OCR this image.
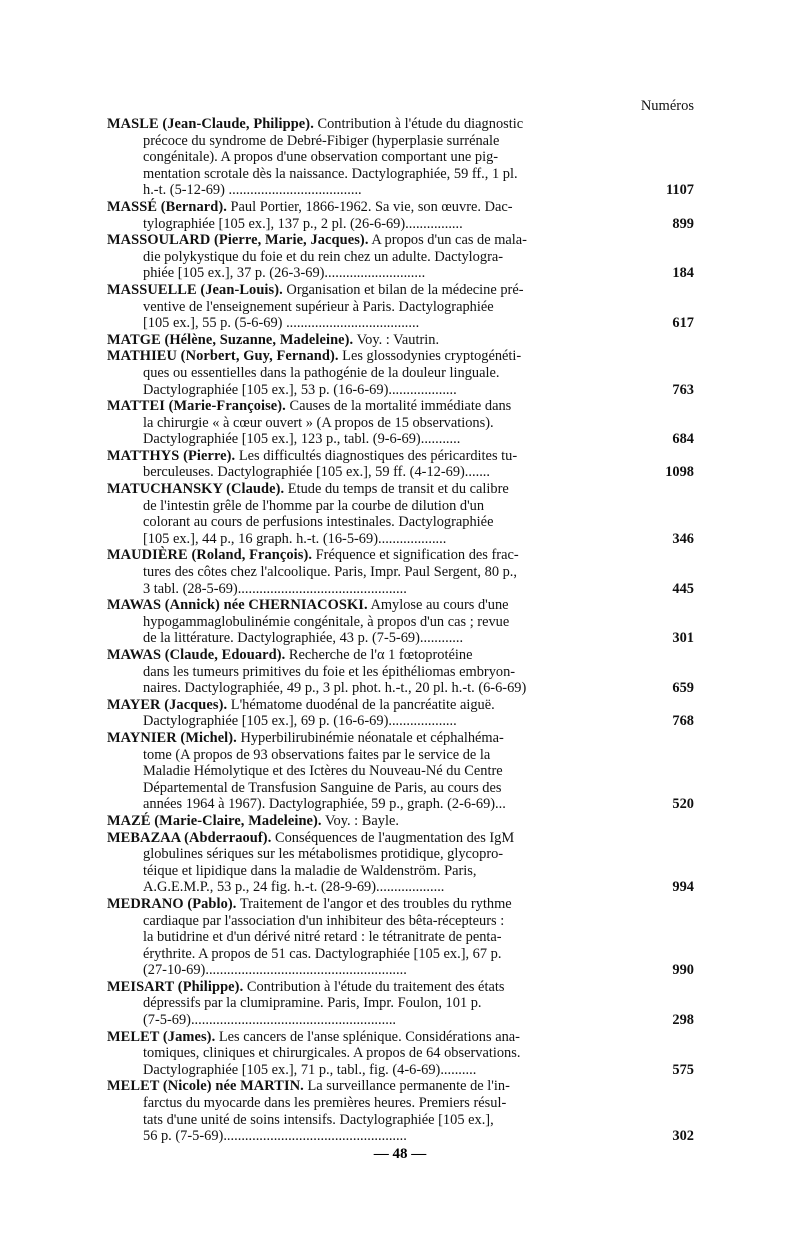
Numéros
MASLE (Jean-Claude, Philippe). Contribution à l'étude du diagnostic
précoce du syndrome de Debré-Fibiger (hyperplasie surrénale
congénitale). A propos d'une observation comportant une pig-
mentation scrotale dès la naissance. Dactylographiée, 59 ff., 1 pl.
h.-t. (5-12-69) .....................................	1107
MASSÉ (Bernard). Paul Portier, 1866-1962. Sa vie, son œuvre. Dac-
tylographiée [105 ex.], 137 p., 2 pl. (26-6-69)................	899
MASSOULARD (Pierre, Marie, Jacques). A propos d'un cas de mala-
die polykystique du foie et du rein chez un adulte. Dactylogra-
phiée [105 ex.], 37 p. (26-3-69)............................	184
MASSUELLE (Jean-Louis). Organisation et bilan de la médecine pré-
ventive de l'enseignement supérieur à Paris. Dactylographiée
[105 ex.], 55 p. (5-6-69) .....................................	617
MATGE (Hélène, Suzanne, Madeleine). Voy. : Vautrin.
MATHIEU (Norbert, Guy, Fernand). Les glossodynies cryptogénéti-
ques ou essentielles dans la pathogénie de la douleur linguale.
Dactylographiée [105 ex.], 53 p. (16-6-69)...................	763
MATTEI (Marie-Françoise). Causes de la mortalité immédiate dans
la chirurgie « à cœur ouvert » (A propos de 15 observations).
Dactylographiée [105 ex.], 123 p., tabl. (9-6-69)...........	684
MATTHYS (Pierre). Les difficultés diagnostiques des péricardites tu-
berculeuses. Dactylographiée [105 ex.], 59 ff. (4-12-69).......	1098
MATUCHANSKY (Claude). Etude du temps de transit et du calibre
de l'intestin grêle de l'homme par la courbe de dilution d'un
colorant au cours de perfusions intestinales. Dactylographiée
[105 ex.], 44 p., 16 graph. h.-t. (16-5-69)...................	346
MAUDIÈRE (Roland, François). Fréquence et signification des frac-
tures des côtes chez l'alcoolique. Paris, Impr. Paul Sergent, 80 p.,
3 tabl. (28-5-69)...............................................	445
MAWAS (Annick) née CHERNIACOSKI. Amylose au cours d'une
hypogammaglobulinémie congénitale, à propos d'un cas ; revue
de la littérature. Dactylographiée, 43 p. (7-5-69)............	301
MAWAS (Claude, Edouard). Recherche de l'α 1 fœtoprotéine
dans les tumeurs primitives du foie et les épithéliomas embryon-
naires. Dactylographiée, 49 p., 3 pl. phot. h.-t., 20 pl. h.-t. (6-6-69)	659
MAYER (Jacques). L'hématome duodénal de la pancréatite aiguë.
Dactylographiée [105 ex.], 69 p. (16-6-69)...................	768
MAYNIER (Michel). Hyperbilirubinémie néonatale et céphalhéma-
tome (A propos de 93 observations faites par le service de la
Maladie Hémolytique et des Ictères du Nouveau-Né du Centre
Départemental de Transfusion Sanguine de Paris, au cours des
années 1964 à 1967). Dactylographiée, 59 p., graph. (2-6-69)...	520
MAZÉ (Marie-Claire, Madeleine). Voy. : Bayle.
MEBAZAA (Abderraouf). Conséquences de l'augmentation des IgM
globulines sériques sur les métabolismes protidique, glycopro-
téique et lipidique dans la maladie de Waldenström. Paris,
A.G.E.M.P., 53 p., 24 fig. h.-t. (28-9-69)...................	994
MEDRANO (Pablo). Traitement de l'angor et des troubles du rythme
cardiaque par l'association d'un inhibiteur des bêta-récepteurs :
la butidrine et d'un dérivé nitré retard : le tétranitrate de penta-
érythrite. A propos de 51 cas. Dactylographiée [105 ex.], 67 p.
(27-10-69)........................................................	990
MEISART (Philippe). Contribution à l'étude du traitement des états
dépressifs par la clumipramine. Paris, Impr. Foulon, 101 p.
(7-5-69).........................................................	298
MELET (James). Les cancers de l'anse splénique. Considérations ana-
tomiques, cliniques et chirurgicales. A propos de 64 observations.
Dactylographiée [105 ex.], 71 p., tabl., fig. (4-6-69)..........	575
MELET (Nicole) née MARTIN. La surveillance permanente de l'in-
farctus du myocarde dans les premières heures. Premiers résul-
tats d'une unité de soins intensifs. Dactylographiée [105 ex.],
56 p. (7-5-69)...................................................	302
— 48 —
